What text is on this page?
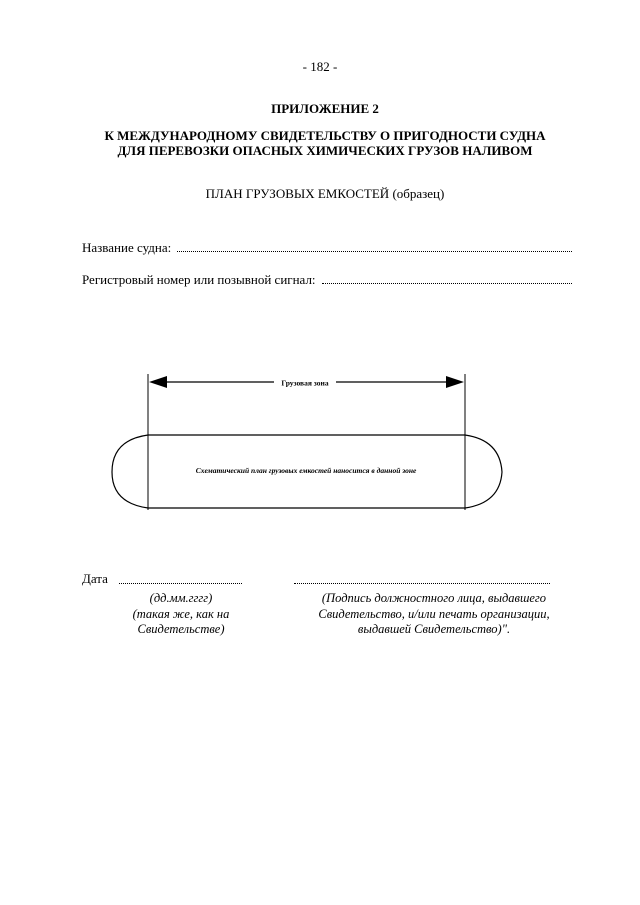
- 182 -
ПРИЛОЖЕНИЕ 2
К МЕЖДУНАРОДНОМУ СВИДЕТЕЛЬСТВУ О ПРИГОДНОСТИ СУДНА
ДЛЯ ПЕРЕВОЗКИ ОПАСНЫХ ХИМИЧЕСКИХ ГРУЗОВ НАЛИВОМ
ПЛАН ГРУЗОВЫХ ЕМКОСТЕЙ (образец)
Название судна:
Регистровый номер или позывной сигнал:
Грузовая зона
Схематический план грузовых емкостей наносится в данной зоне
Дата
(дд.мм.гггг)
(такая же, как на
Свидетельстве)
(Подпись должностного лица, выдавшего
Свидетельство, и/или печать организации,
выдавшей Свидетельство)".
